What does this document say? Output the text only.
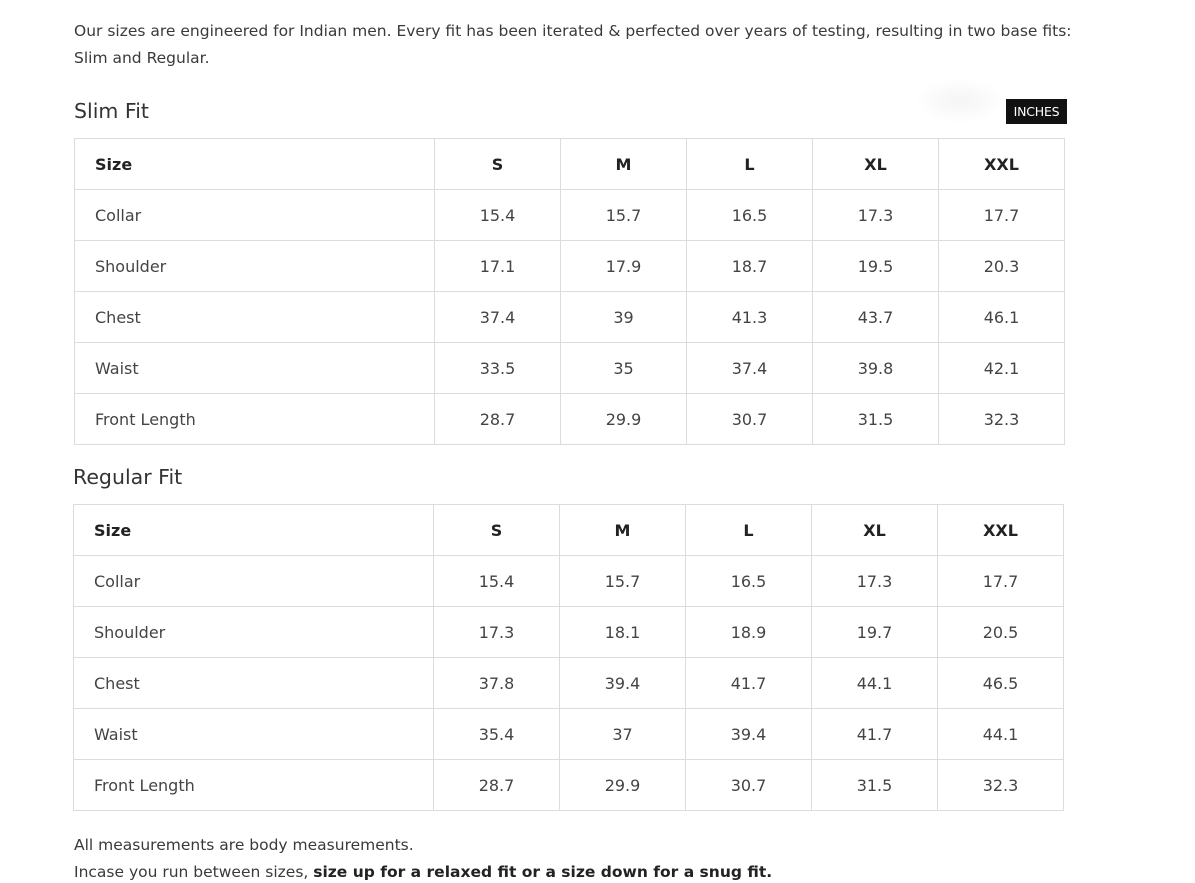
Our sizes are engineered for Indian men. Every fit has been iterated & perfected over years of testing, resulting in two base fits: Slim and Regular.

Slim Fit	INCHES
Size	S	M	L	XL	XXL
Collar	15.4	15.7	16.5	17.3	17.7
Shoulder	17.1	17.9	18.7	19.5	20.3
Chest	37.4	39	41.3	43.7	46.1
Waist	33.5	35	37.4	39.8	42.1
Front Length	28.7	29.9	30.7	31.5	32.3
Regular Fit
Size	S	M	L	XL	XXL
Collar	15.4	15.7	16.5	17.3	17.7
Shoulder	17.3	18.1	18.9	19.7	20.5
Chest	37.8	39.4	41.7	44.1	46.5
Waist	35.4	37	39.4	41.7	44.1
Front Length	28.7	29.9	30.7	31.5	32.3

All measurements are body measurements.

Incase you run between sizes, size up for a relaxed fit or a size down for a snug fit.
